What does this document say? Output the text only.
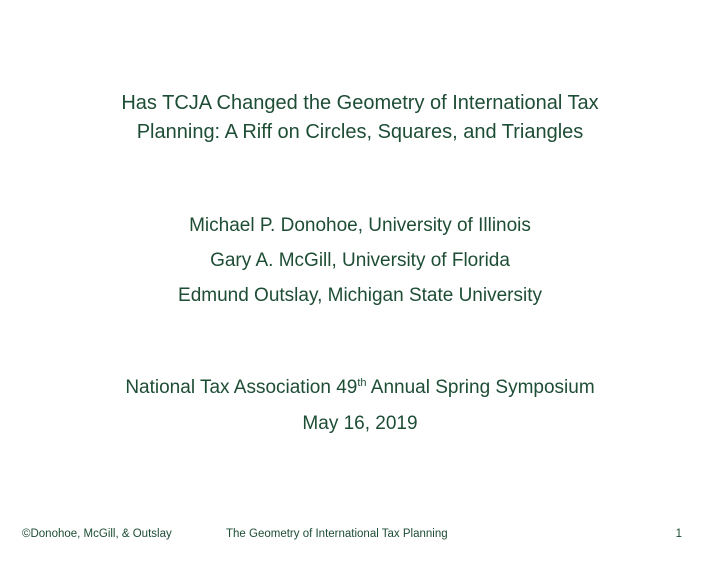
Has TCJA Changed the Geometry of International Tax
Planning: A Riff on Circles, Squares, and Triangles
Michael P. Donohoe, University of Illinois
Gary A. McGill, University of Florida
Edmund Outslay, Michigan State University
National Tax Association 49th Annual Spring Symposium
May 16, 2019
©Donohoe, McGill, & Outslay	The Geometry of International Tax Planning	1
